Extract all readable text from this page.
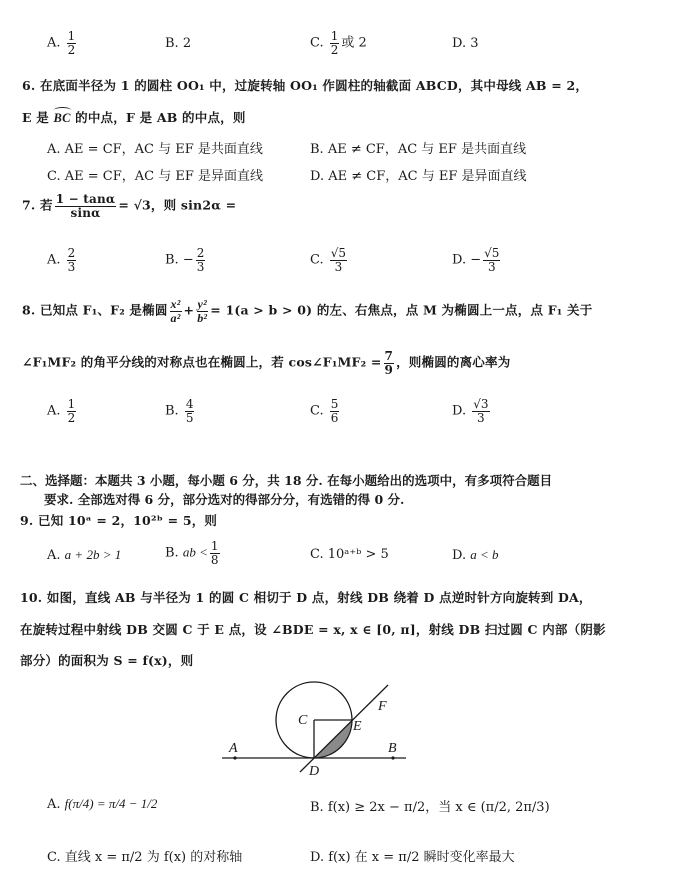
A. $\frac{1}{2}$	B. 2	C. $\frac{1}{2}$ 或 2	D. 3
6. 在底面半径为 1 的圆柱 OO₁ 中，过旋转轴 OO₁ 作圆柱的轴截面 ABCD，其中母线 AB = 2，
E 是
BC 的中点，F 是 AB 的中点，则
A. AE = CF，AC 与 EF 是共面直线	B. AE ≠ CF，AC 与 EF 是共面直线
C. AE = CF，AC 与 EF 是异面直线	D. AE ≠ CF，AC 与 EF 是异面直线
7. 若 $\frac{1 - \tan\alpha}{\sin\alpha} = √3$，则 sin2α =
A. $\frac{2}{3}$	B. − $\frac{2}{3}$	C. $\frac{√5}{3}$	D. − $\frac{√5}{3}$
8. 已知点 F₁、F₂ 是椭圆 $\frac{\text{x²}}{\text{a²}} + \frac{\text{y²}}{\text{b²}} = 1(a > b > 0)$ 的左、右焦点，点 M 为椭圆上一点，点 F₁ 关于
∠F₁MF₂ 的角平分线的对称点也在椭圆上，若 cos∠F₁MF₂ = $\frac{7}{9}$ ，则椭圆的离心率为
A. $\frac{1}{2}$	B. $\frac{4}{5}$	C. $\frac{5}{6}$	D. $\frac{√3}{3}$
二、选择题：本题共 3 小题，每小题 6 分，共 18 分. 在每小题给出的选项中，有多项符合题目
要求. 全部选对得 6 分，部分选对的得部分分，有选错的得 0 分.
9. 已知 10ᵃ = 2，10²ᵇ = 5，则
A. a + 2b > 1	B. ab < $\frac{1}{8}$	C. 10ᵃ⁺ᵇ > 5	D. a < b
10. 如图，直线 AB 与半径为 1 的圆 C 相切于 D 点，射线 DB 绕着 D 点逆时针方向旋转到 DA，
在旋转过程中射线 DB 交圆 C 于 E 点，设 ∠BDE = x, x ∈ [0, π]，射线 DB 扫过圆 C 内部（阴影
部分）的面积为 S = f(x)，则
A	B
C
D
E
F
A. f(π/4) = π/4 − 1/2	B. f(x) ≥ 2x − π/2，当 x ∈ (π/2, 2π/3)
C. 直线 x = π/2 为 f(x) 的对称轴	D. f(x) 在 x = π/2 瞬时变化率最大
